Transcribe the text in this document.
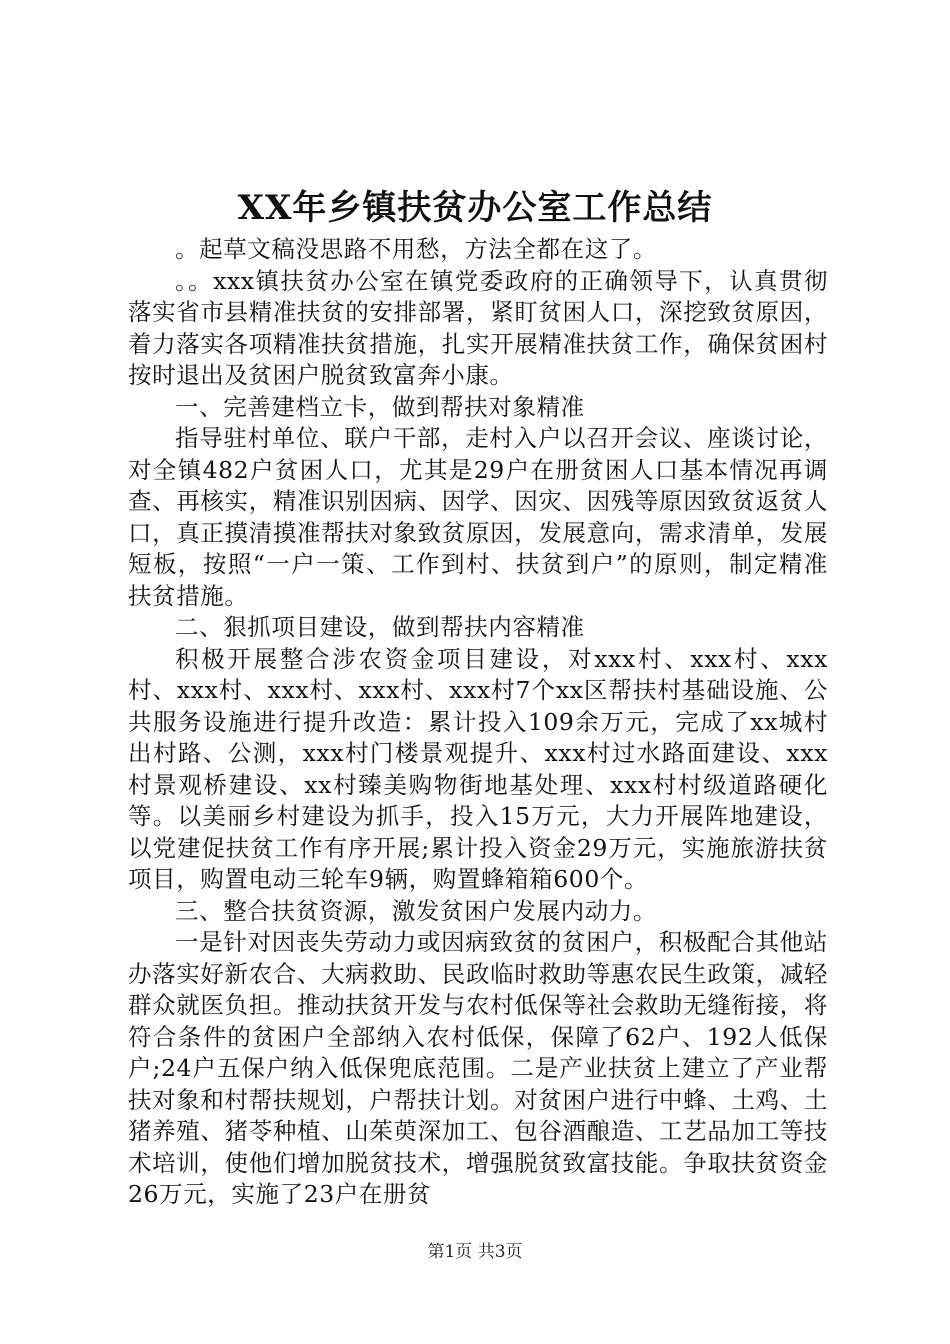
XX年乡镇扶贫办公室工作总结

。起草文稿没思路不用愁，方法全都在这了。

。。xxx镇扶贫办公室在镇党委政府的正确领导下，认真贯彻落实省市县精准扶贫的安排部署，紧盯贫困人口，深挖致贫原因，着力落实各项精准扶贫措施，扎实开展精准扶贫工作，确保贫困村按时退出及贫困户脱贫致富奔小康。

一、完善建档立卡，做到帮扶对象精准

指导驻村单位、联户干部，走村入户以召开会议、座谈讨论，对全镇482户贫困人口，尤其是29户在册贫困人口基本情况再调查、再核实，精准识别因病、因学、因灾、因残等原因致贫返贫人口，真正摸清摸准帮扶对象致贫原因，发展意向，需求清单，发展短板，按照“一户一策、工作到村、扶贫到户”的原则，制定精准扶贫措施。

二、狠抓项目建设，做到帮扶内容精准

积极开展整合涉农资金项目建设，对xxx村、xxx村、xxx村、xxx村、xxx村、xxx村、xxx村7个xx区帮扶村基础设施、公共服务设施进行提升改造：累计投入109余万元，完成了xx城村出村路、公测，xxx村门楼景观提升、xxx村过水路面建设、xxx村景观桥建设、xx村臻美购物街地基处理、xxx村村级道路硬化等。以美丽乡村建设为抓手，投入15万元，大力开展阵地建设，以党建促扶贫工作有序开展;累计投入资金29万元，实施旅游扶贫项目，购置电动三轮车9辆，购置蜂箱箱600个。

三、整合扶贫资源，激发贫困户发展内动力。

一是针对因丧失劳动力或因病致贫的贫困户，积极配合其他站办落实好新农合、大病救助、民政临时救助等惠农民生政策，减轻群众就医负担。推动扶贫开发与农村低保等社会救助无缝衔接，将符合条件的贫困户全部纳入农村低保，保障了62户、192人低保户;24户五保户纳入低保兜底范围。二是产业扶贫上建立了产业帮扶对象和村帮扶规划，户帮扶计划。对贫困户进行中蜂、土鸡、土猪养殖、猪苓种植、山茱萸深加工、包谷酒酿造、工艺品加工等技术培训，使他们增加脱贫技术，增强脱贫致富技能。争取扶贫资金26万元，实施了23户在册贫

第1页 共3页
